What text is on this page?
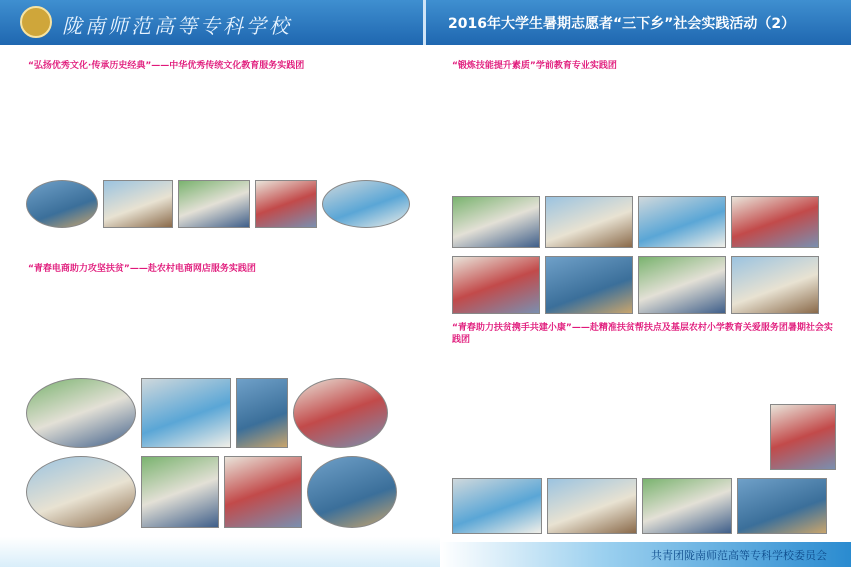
陇南师范高等专科学校	2016年大学生暑期志愿者“三下乡”社会实践活动（2）
“弘扬优秀文化·传承历史经典”——中华优秀传统文化教育服务实践团
“青春电商助力攻坚扶贫”——赴农村电商网店服务实践团
“锻炼技能提升素质”学前教育专业实践团
“青春助力扶贫携手共建小康”——赴精准扶贫帮扶点及基层农村小学教育关爱服务团暑期社会实践团
共青团陇南师范高等专科学校委员会
